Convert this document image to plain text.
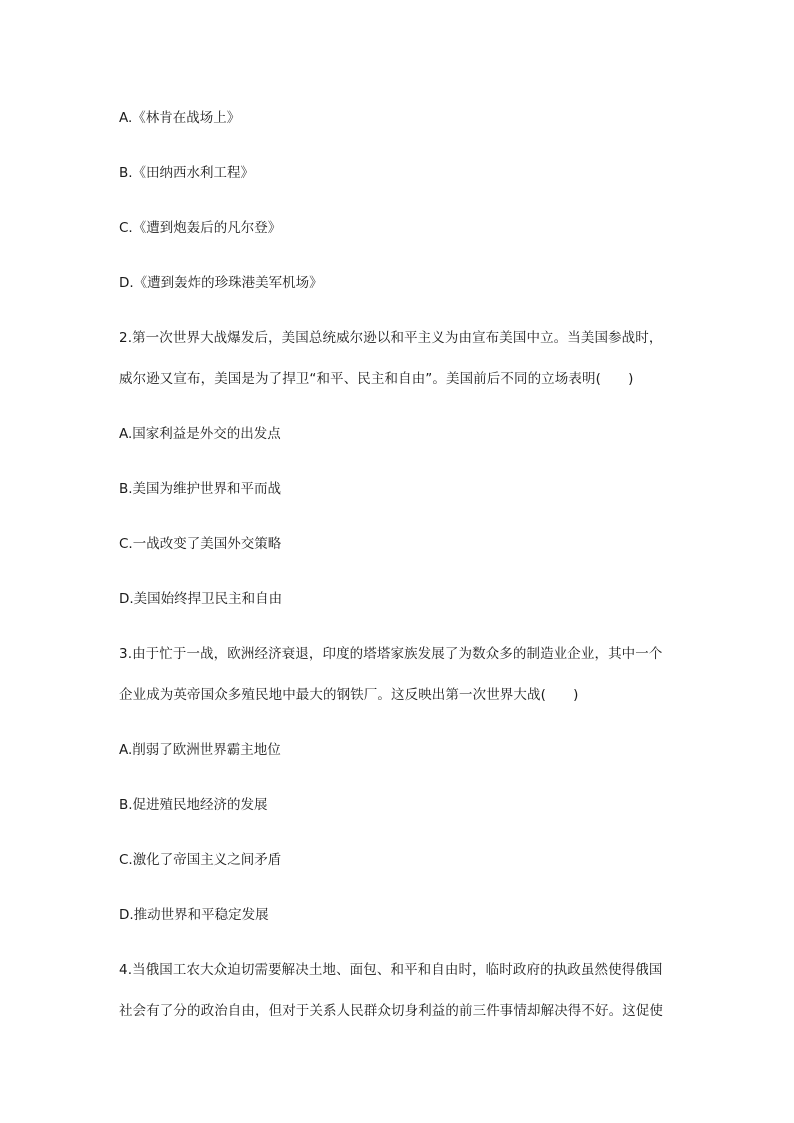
A.《林肯在战场上》
B.《田纳西水利工程》
C.《遭到炮轰后的凡尔登》
D.《遭到轰炸的珍珠港美军机场》
2.第一次世界大战爆发后，美国总统威尔逊以和平主义为由宣布美国中立。当美国参战时，
威尔逊又宣布，美国是为了捍卫“和平、民主和自由”。美国前后不同的立场表明(　　)
A.国家利益是外交的出发点
B.美国为维护世界和平而战
C.一战改变了美国外交策略
D.美国始终捍卫民主和自由
3.由于忙于一战，欧洲经济衰退，印度的塔塔家族发展了为数众多的制造业企业，其中一个
企业成为英帝国众多殖民地中最大的钢铁厂。这反映出第一次世界大战(　　)
A.削弱了欧洲世界霸主地位
B.促进殖民地经济的发展
C.激化了帝国主义之间矛盾
D.推动世界和平稳定发展
4.当俄国工农大众迫切需要解决土地、面包、和平和自由时，临时政府的执政虽然使得俄国
社会有了分的政治自由，但对于关系人民群众切身利益的前三件事情却解决得不好。这促使
